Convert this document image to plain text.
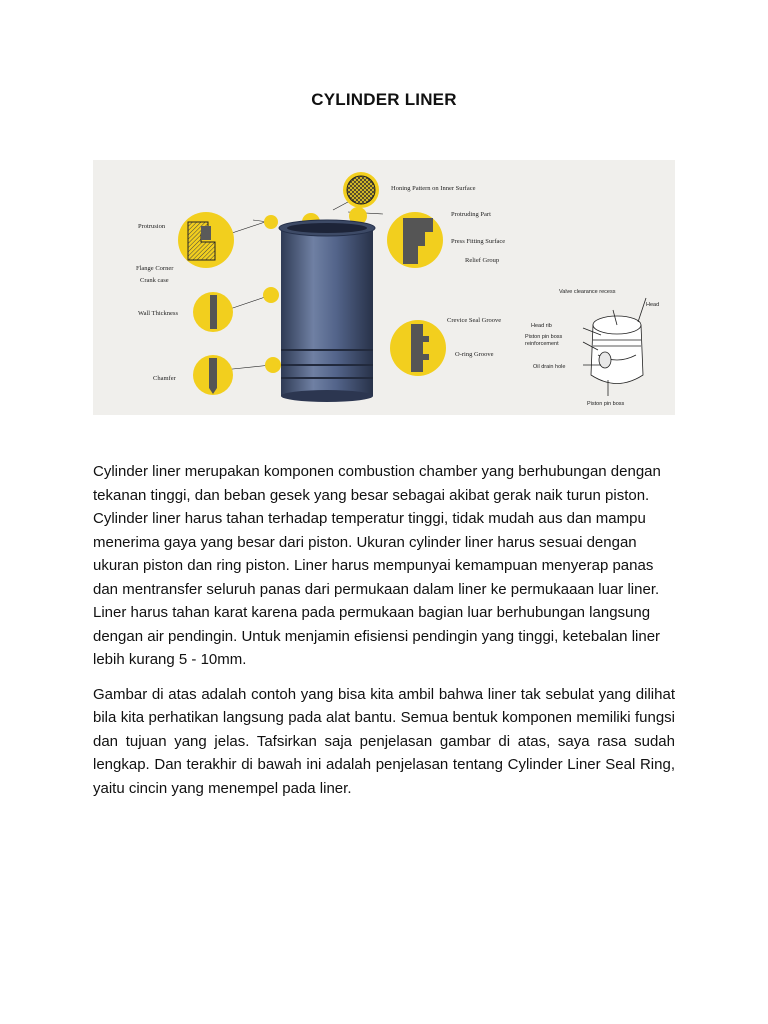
CYLINDER LINER
Honing Pattern on Inner Surface
Protruding Part
Press Fitting Surface
Relief Group
Protrusion
Flange Corner
Crank case
Wall Thickness
Crevice Seal Groove
O-ring Groove
Chamfer
Valve clearance recess
Head
Head rib
Piston pin boss
reinforcement
Oil drain hole
Piston pin boss

Cylinder liner merupakan komponen combustion chamber yang berhubungan dengan tekanan tinggi, dan beban gesek yang besar sebagai akibat gerak naik turun piston. Cylinder liner harus tahan terhadap temperatur tinggi, tidak mudah aus dan mampu menerima gaya yang besar dari piston. Ukuran cylinder liner harus sesuai dengan ukuran piston dan ring piston. Liner harus mempunyai kemampuan menyerap panas dan mentransfer seluruh panas dari permukaan dalam liner ke permukaaan luar liner. Liner harus tahan karat karena pada permukaan bagian luar berhubungan langsung dengan air pendingin. Untuk menjamin efisiensi pendingin yang tinggi, ketebalan liner lebih kurang 5 - 10mm.

Gambar di atas adalah contoh yang bisa kita ambil bahwa liner tak sebulat yang dilihat bila kita perhatikan langsung pada alat bantu. Semua bentuk komponen memiliki fungsi dan tujuan yang jelas. Tafsirkan saja penjelasan gambar di atas, saya rasa sudah lengkap. Dan terakhir di bawah ini adalah penjelasan tentang Cylinder Liner Seal Ring, yaitu cincin yang menempel pada liner.
